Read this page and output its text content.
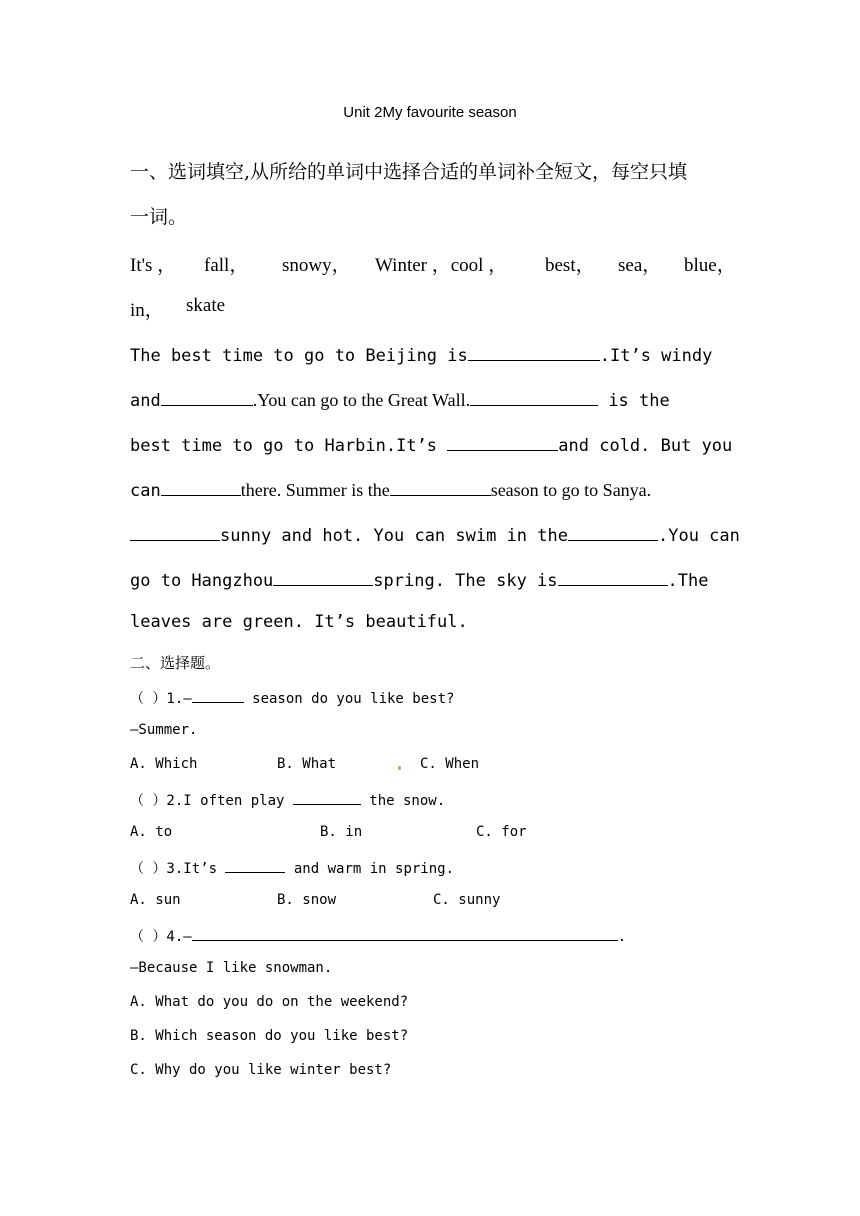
Unit 2My favourite season
一、选词填空,从所给的单词中选择合适的单词补全短文，每空只填
一词。
It's ， fall， snowy， Winter ，cool ， best， sea， blue，
in， skate
The best time to go to Beijing is	.It’s windy
and	.You can go to the Great Wall.	is the
best time to go to Harbin.It’s	and cold. But you
can	there. Summer is the	season to go to Sanya.
sunny and hot. You can swim in the	.You can
go to Hangzhou	spring. The sky is	.The
leaves are green. It’s beautiful.
二、选择题。
（ ）1.—	season do you like best?
—Summer.
A. Which	B. What	C. When
（ ）2.I often play	the snow.
A. to	B. in	C. for
（ ）3.It’s	and warm in spring.
A. sun	B. snow	C. sunny
（ ）4.—	.
—Because I like snowman.
A. What do you do on the weekend?
B. Which season do you like best?
C. Why do you like winter best?
